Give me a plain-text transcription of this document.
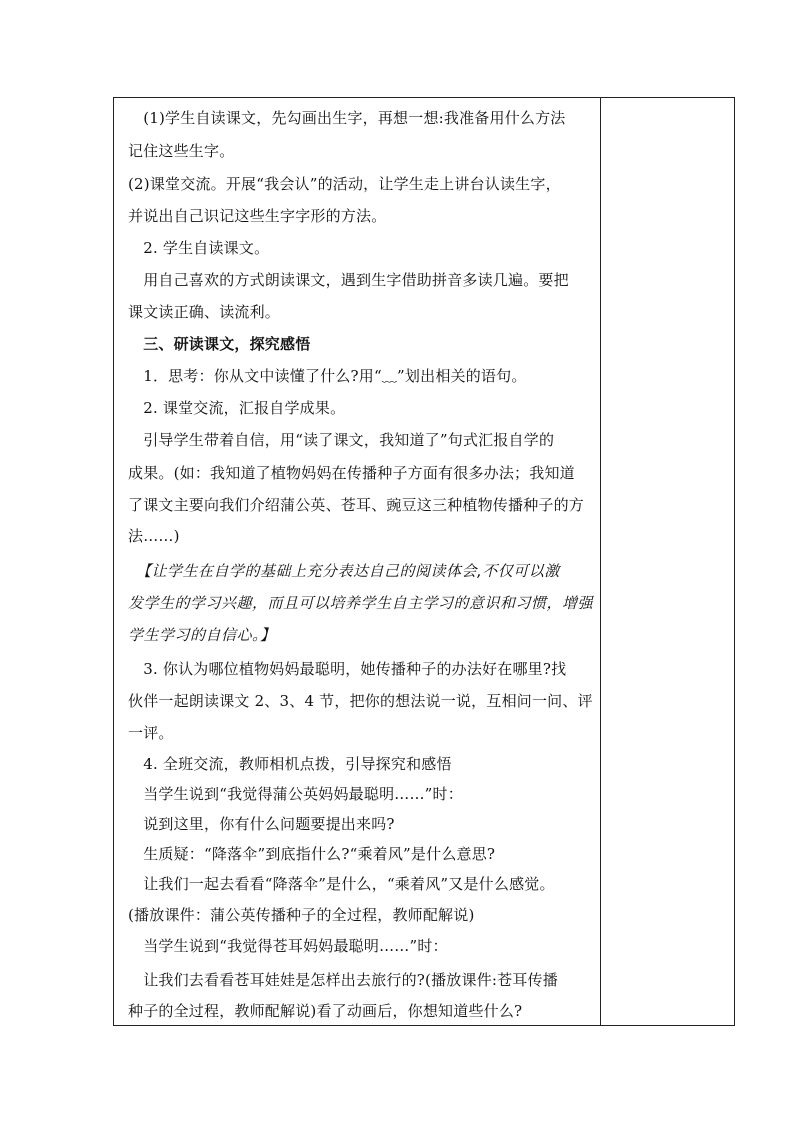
　(1)学生自读课文，先勾画出生字，再想一想:我准备用什么方法
记住这些生字。
(2)课堂交流。开展“我会认”的活动，让学生走上讲台认读生字，
并说出自己识记这些生字字形的方法。
　2. 学生自读课文。
　用自己喜欢的方式朗读课文，遇到生字借助拼音多读几遍。要把
课文读正确、读流利。
　三、研读课文，探究感悟
　1．思考：你从文中读懂了什么?用“﹏”划出相关的语句。
　2. 课堂交流，汇报自学成果。
　引导学生带着自信，用“读了课文，我知道了”句式汇报自学的
成果。(如：我知道了植物妈妈在传播种子方面有很多办法；我知道
了课文主要向我们介绍蒲公英、苍耳、豌豆这三种植物传播种子的方
法……)
　【让学生在自学的基础上充分表达自己的阅读体会,不仅可以激
发学生的学习兴趣，而且可以培养学生自主学习的意识和习惯，增强
学生学习的自信心。】
　3. 你认为哪位植物妈妈最聪明，她传播种子的办法好在哪里?找
伙伴一起朗读课文 2、3、4 节，把你的想法说一说，互相问一问、评
一评。
　4. 全班交流，教师相机点拨，引导探究和感悟
　当学生说到“我觉得蒲公英妈妈最聪明……”时：
　说到这里，你有什么问题要提出来吗?
　生质疑：“降落伞”到底指什么?“乘着风”是什么意思?
　让我们一起去看看“降落伞”是什么，“乘着风”又是什么感觉。
(播放课件：蒲公英传播种子的全过程，教师配解说)
　当学生说到“我觉得苍耳妈妈最聪明……”时：
　让我们去看看苍耳娃娃是怎样出去旅行的?(播放课件:苍耳传播
种子的全过程，教师配解说)看了动画后，你想知道些什么?
